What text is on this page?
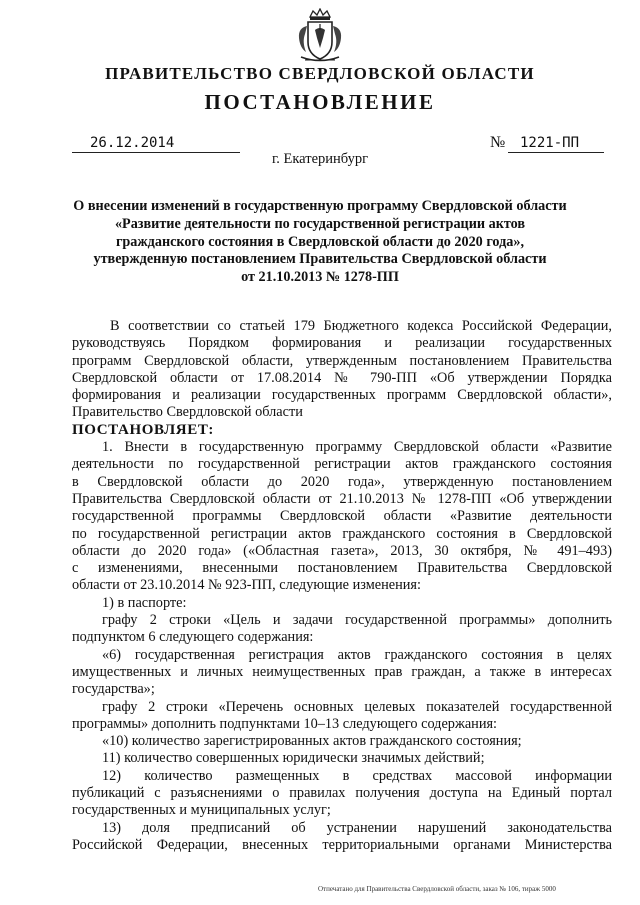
ПРАВИТЕЛЬСТВО СВЕРДЛОВСКОЙ ОБЛАСТИ
ПОСТАНОВЛЕНИЕ
26.12.2014	№	1221-ПП
г. Екатеринбург
О внесении изменений в государственную программу Свердловской области
«Развитие деятельности по государственной регистрации актов
гражданского состояния в Свердловской области до 2020 года»,
утвержденную постановлением Правительства Свердловской области
от 21.10.2013 № 1278-ПП
В соответствии со статьей 179 Бюджетного кодекса Российской Федерации,
руководствуясь Порядком формирования и реализации государственных
программ Свердловской области, утвержденным постановлением Правительства
Свердловской области от 17.08.2014 № 790-ПП «Об утверждении Порядка
формирования и реализации государственных программ Свердловской области»,
Правительство Свердловской области
ПОСТАНОВЛЯЕТ:
1. Внести в государственную программу Свердловской области «Развитие
деятельности по государственной регистрации актов гражданского состояния
в Свердловской области до 2020 года», утвержденную постановлением
Правительства Свердловской области от 21.10.2013 № 1278-ПП «Об утверждении
государственной программы Свердловской области «Развитие деятельности
по государственной регистрации актов гражданского состояния в Свердловской
области до 2020 года» («Областная газета», 2013, 30 октября, № 491–493)
с изменениями, внесенными постановлением Правительства Свердловской
области от 23.10.2014 № 923-ПП, следующие изменения:
1) в паспорте:
графу 2 строки «Цель и задачи государственной программы» дополнить
подпунктом 6 следующего содержания:
«6) государственная регистрация актов гражданского состояния в целях
имущественных и личных неимущественных прав граждан, а также в интересах
государства»;
графу 2 строки «Перечень основных целевых показателей государственной
программы» дополнить подпунктами 10–13 следующего содержания:
«10) количество зарегистрированных актов гражданского состояния;
11) количество совершенных юридически значимых действий;
12) количество размещенных в средствах массовой информации
публикаций с разъяснениями о правилах получения доступа на Единый портал
государственных и муниципальных услуг;
13) доля предписаний об устранении нарушений законодательства
Российской Федерации, внесенных территориальными органами Министерства
Отпечатано для Правительства Свердловской области, заказ № 106, тираж 5000
